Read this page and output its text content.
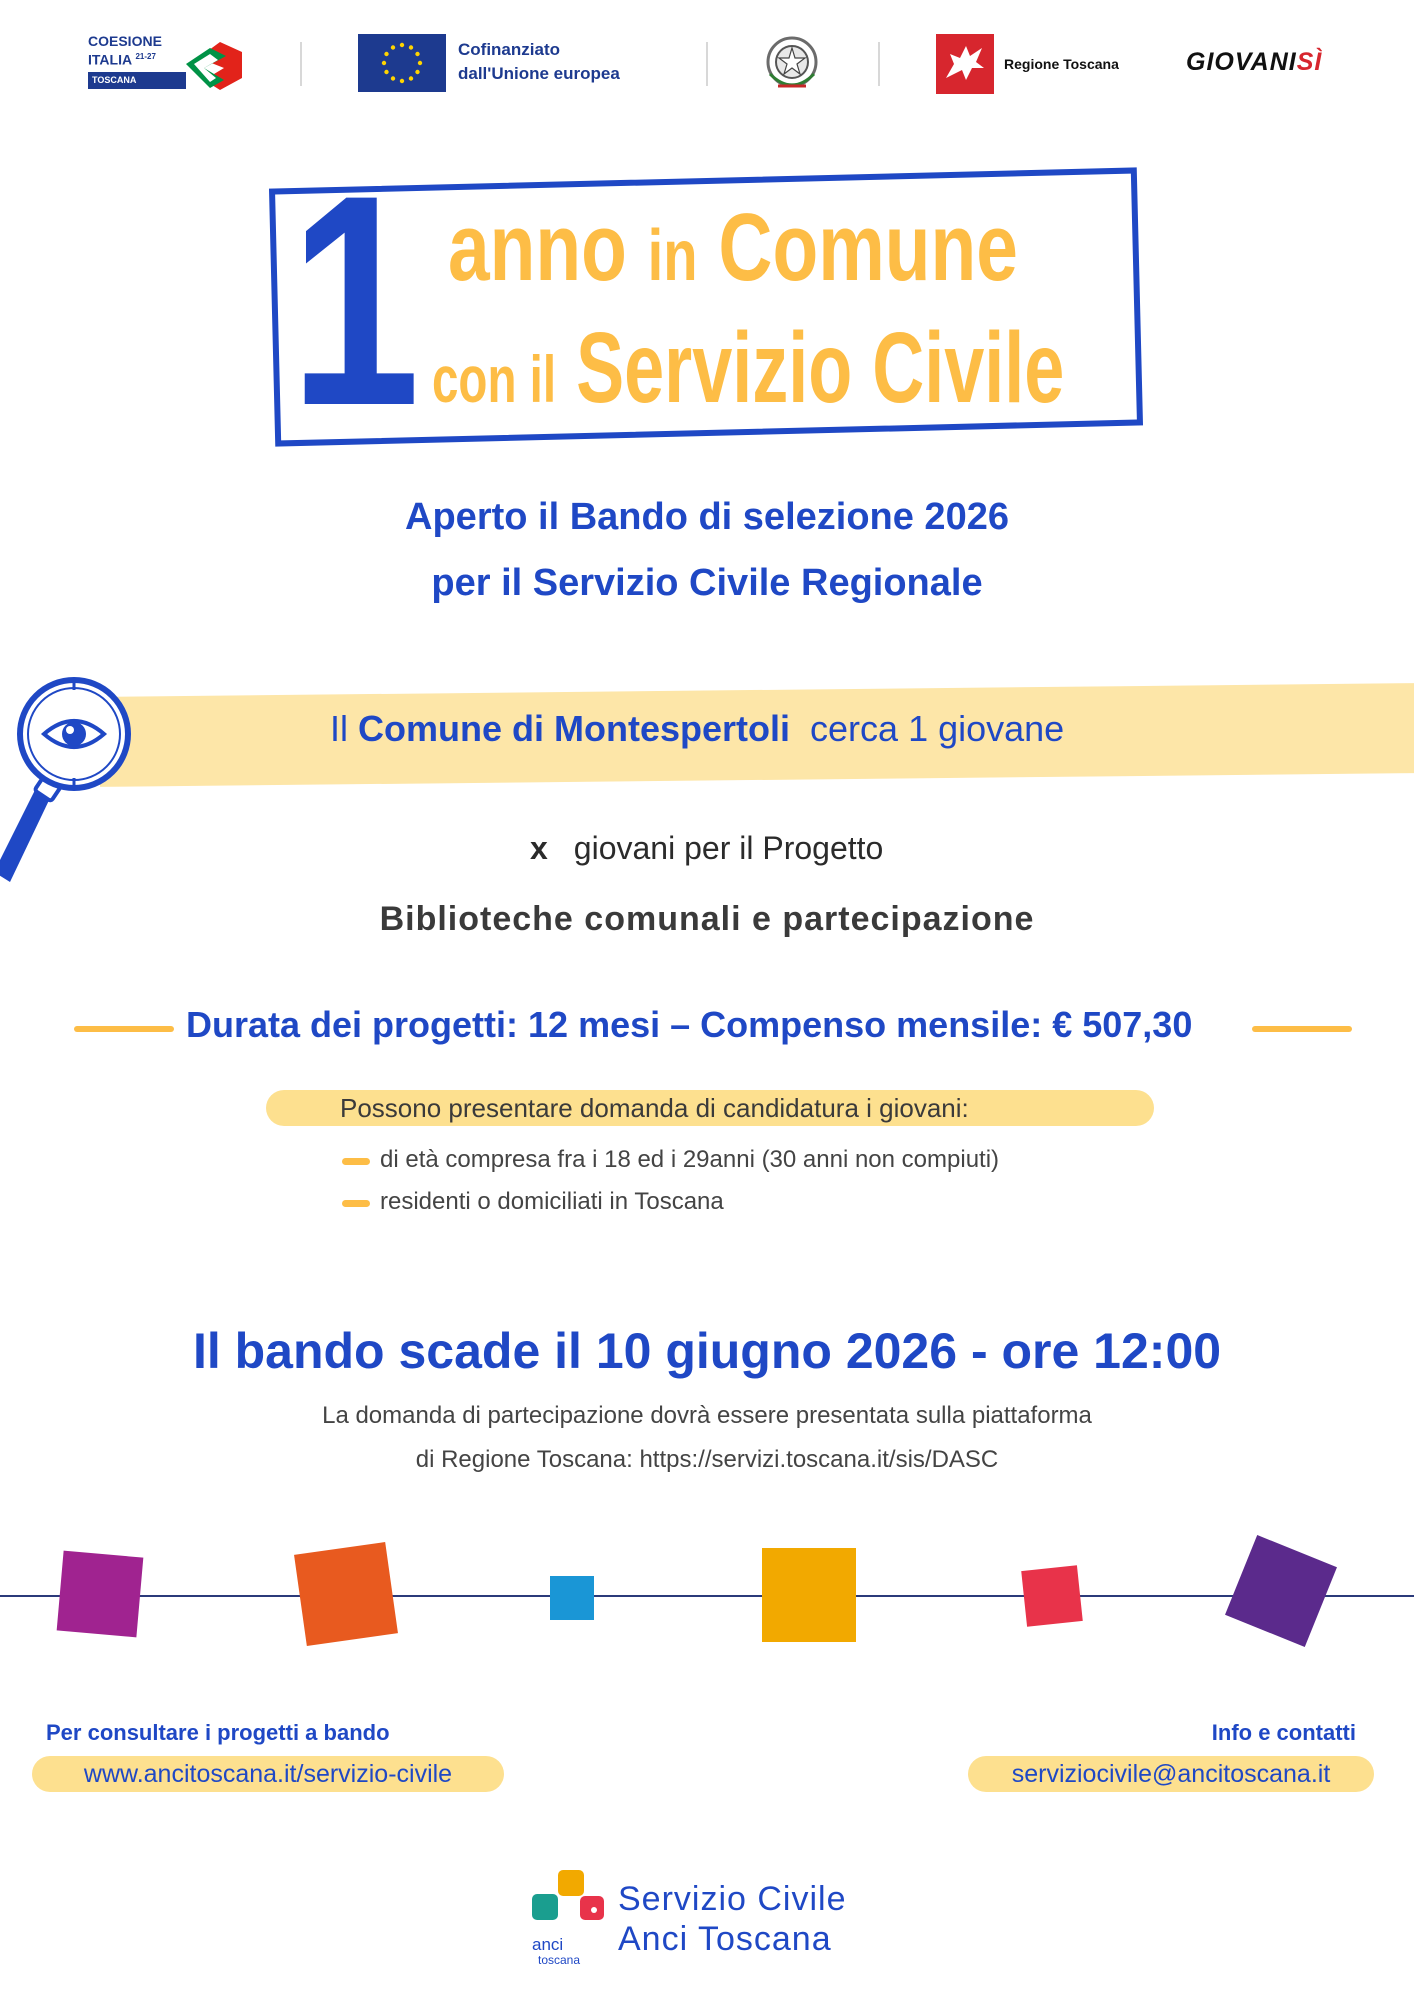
COESIONE
ITALIA $^{21-27}$
TOSCANA
Cofinanziato
dall'Unione europea	Regione Toscana	GIOVANISÌ
1 anno in Comune
con il Servizio Civile
Aperto il Bando di selezione 2026
per il Servizio Civile Regionale
Il Comune di Montespertoli cerca 1 giovane
x giovani per il Progetto
Biblioteche comunali e partecipazione
Durata dei progetti: 12 mesi – Compenso mensile: € 507,30
Possono presentare domanda di candidatura i giovani:
di età compresa fra i 18 ed i 29anni (30 anni non compiuti)
residenti o domiciliati in Toscana
Il bando scade il 10 giugno 2026 - ore 12:00
La domanda di partecipazione dovrà essere presentata sulla piattaforma
di Regione Toscana: https://servizi.toscana.it/sis/DASC
Per consultare i progetti a bando
www.ancitoscana.it/servizio-civile
Info e contatti
serviziocivile@ancitoscana.it
Servizio Civile
Anci Toscana
anci
toscana
